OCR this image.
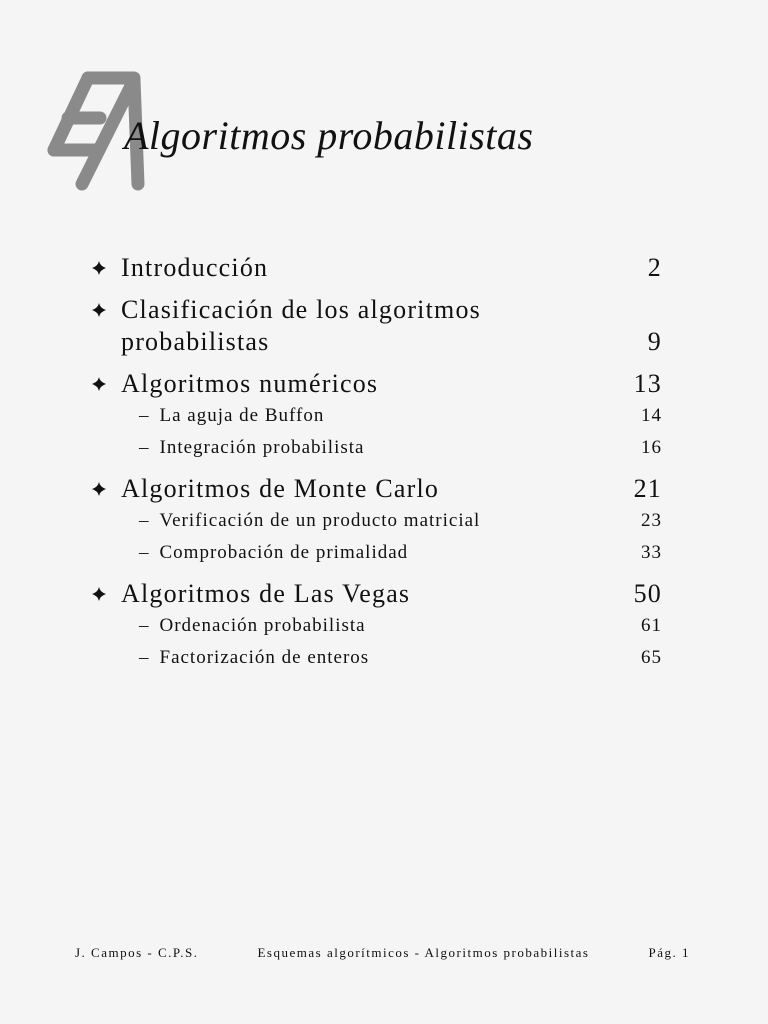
Algoritmos probabilistas
Introducción	2
Clasificación de los algoritmos
probabilistas	9
Algoritmos numéricos	13
– La aguja de Buffon	14
– Integración probabilista	16
Algoritmos de Monte Carlo	21
– Verificación de un producto matricial	23
– Comprobación de primalidad	33
Algoritmos de Las Vegas	50
– Ordenación probabilista	61
– Factorización de enteros	65
J. Campos - C.P.S.	Esquemas algorítmicos - Algoritmos probabilistas	Pág. 1
